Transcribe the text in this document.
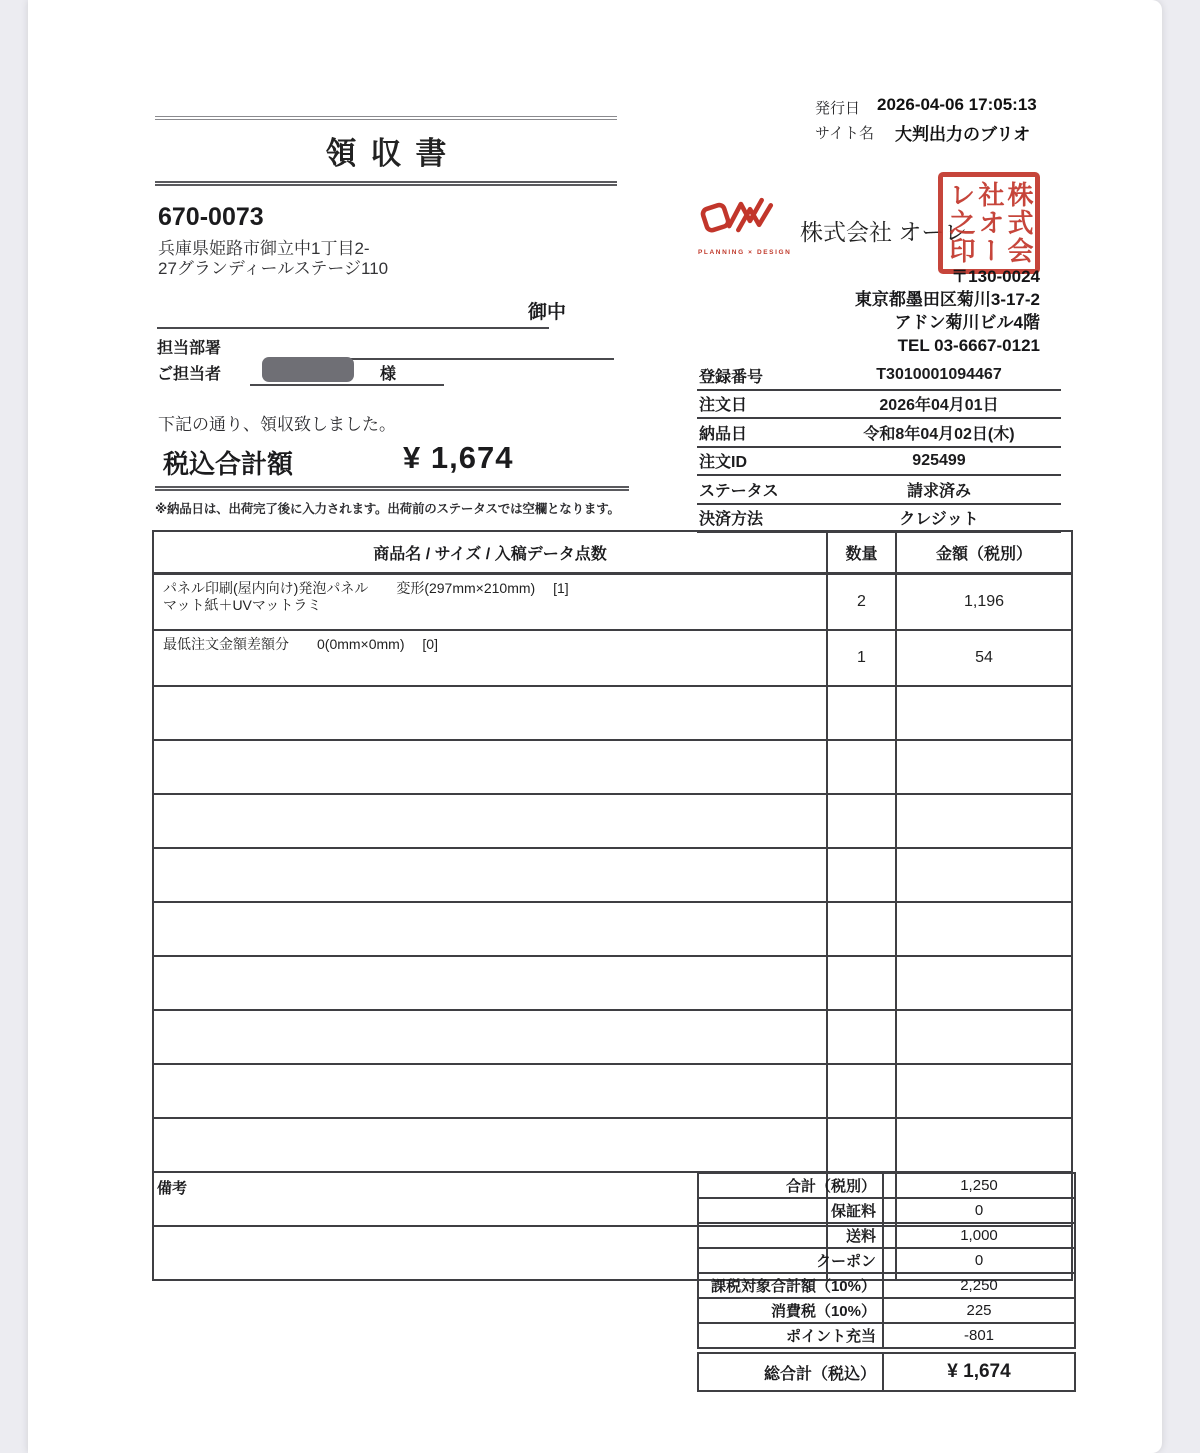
発行日 2026-04-06 17:05:13
サイト名 大判出力のブリオ
領収書
670-0073
兵庫県姫路市御立中1丁目2-
27グランディールステージ110
御中
担当部署
ご担当者	様
下記の通り、領収致しました。
税込合計額	¥ 1,674
※納品日は、出荷完了後に入力されます。出荷前のステータスでは空欄となります。
PLANNING × DESIGN
株式会社 オーレ	株式会社オーレ之印
〒130-0024
東京都墨田区菊川3-17-2
アドン菊川ビル4階
TEL 03-6667-0121
登録番号	T3010001094467
注文日	2026年04月01日
納品日	令和8年04月02日(木)
注文ID	925499
ステータス	請求済み
決済方法	クレジット
商品名 / サイズ / 入稿データ点数	数量	金額（税別）

パネル印刷(屋内向け)発泡パネル　　変形(297mm×210mm)　 [1]
マット紙＋UVマットラミ	2	1,196

最低注文金額差額分　　0(0mm×0mm)　 [0]	1	54

備考	合計（税別）	1,250
保証料	0
送料	1,000
クーポン	0
課税対象合計額（10%）	2,250
消費税（10%）	225
ポイント充当	-801
総合計（税込）	¥ 1,674
